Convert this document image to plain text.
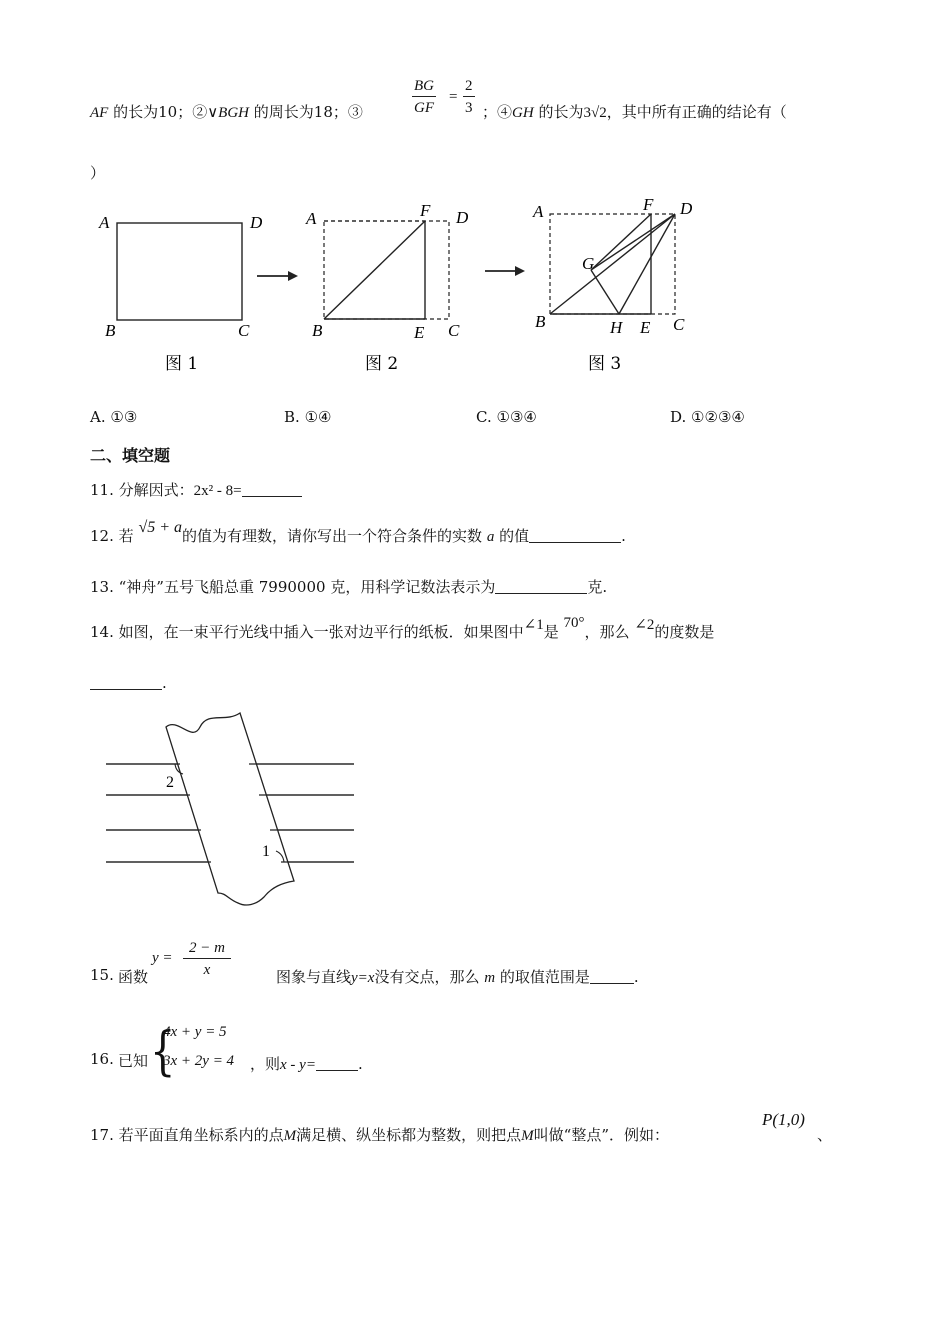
AF 的长为10；②∨BGH 的周长为18；③	$\frac{BG}{GF} = \frac{2}{3}$ ；④GH 的长为3√2，其中所有正确的结论有（
）
A	D
B	C
图 1
A	F D
B	E C
图 2
A	F D
G
B	H E C
图 3
A. ①③	B. ①④	C. ①③④	D. ①②③④
二、填空题
11. 分解因式：2x² - 8=
12. 若 √5 + a的值为有理数，请你写出一个符合条件的实数 a 的值	.
13. “神舟”五号飞船总重 7990000 克，用科学记数法表示为	克.
14. 如图，在一束平行光线中插入一张对边平行的纸板．如果图中∠1是 70°，那么 ∠2的度数是
.
2
1
15. 函数
$y = \frac{2 - m}{x}$	图象与直线y=x没有交点，那么 m 的取值范围是	.
16. 已知 {
4x + y = 5
3x + 2y = 4 ，则x - y=	.
17. 若平面直角坐标系内的点M满足横、纵坐标都为整数，则把点M叫做“整点”．例如：
P(1,0)
、
